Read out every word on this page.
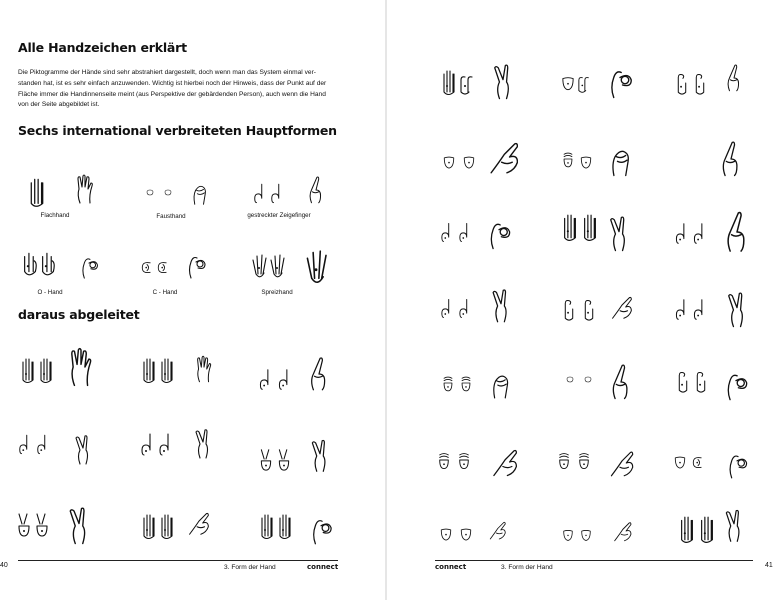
Alle Handzeichen erklärt
Die Piktogramme der Hände sind sehr abstrahiert dargestellt, doch wenn man das System einmal ver-
standen hat, ist es sehr einfach anzuwenden. Wichtig ist hierbei noch der Hinweis, dass der Punkt auf der
Fläche immer die Handinnenseite meint (aus Perspektive der gebärdenden Person), auch wenn die Hand
von der Seite abgebildet ist.
Sechs international verbreiteten Hauptformen
Flachhand	Fausthand	gestreckter Zeigefinger
O - Hand	C - Hand	Spreizhand
daraus abgeleitet
40	3. Form der Hand	connect	connect	3. Form der Hand	41
